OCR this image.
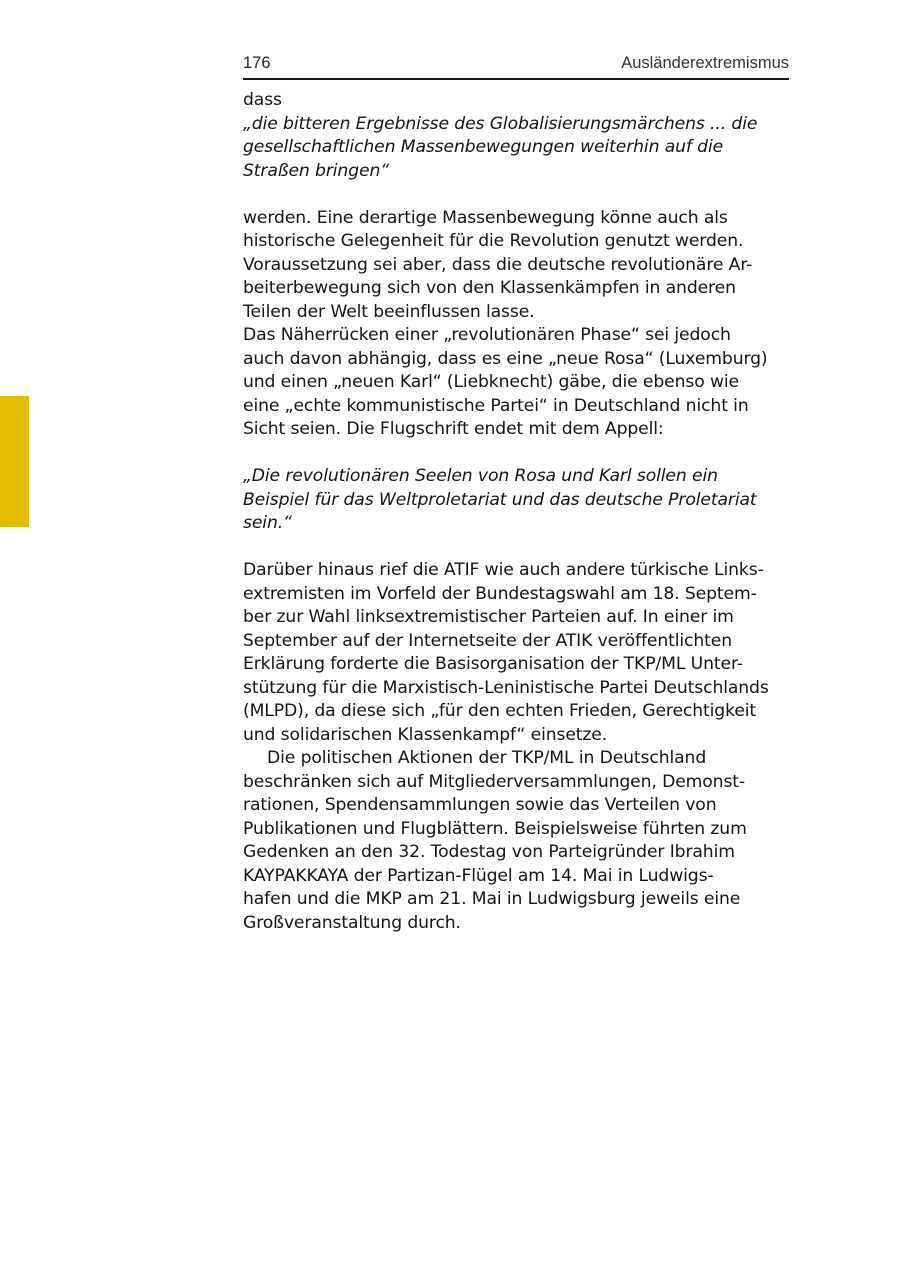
176	Ausländerextremismus
dass
„die bitteren Ergebnisse des Globalisierungsmärchens ... die
gesellschaftlichen Massenbewegungen weiterhin auf die
Straßen bringen“
werden. Eine derartige Massenbewegung könne auch als
historische Gelegenheit für die Revolution genutzt werden.
Voraussetzung sei aber, dass die deutsche revolutionäre Ar-
beiterbewegung sich von den Klassenkämpfen in anderen
Teilen der Welt beeinflussen lasse.
Das Näherrücken einer „revolutionären Phase“ sei jedoch
auch davon abhängig, dass es eine „neue Rosa“ (Luxemburg)
und einen „neuen Karl“ (Liebknecht) gäbe, die ebenso wie
eine „echte kommunistische Partei“ in Deutschland nicht in
Sicht seien. Die Flugschrift endet mit dem Appell:
„Die revolutionären Seelen von Rosa und Karl sollen ein
Beispiel für das Weltproletariat und das deutsche Proletariat
sein.“
Darüber hinaus rief die ATIF wie auch andere türkische Links-
extremisten im Vorfeld der Bundestagswahl am 18. Septem-
ber zur Wahl linksextremistischer Parteien auf. In einer im
September auf der Internetseite der ATIK veröffentlichten
Erklärung forderte die Basisorganisation der TKP/ML Unter-
stützung für die Marxistisch-Leninistische Partei Deutschlands
(MLPD), da diese sich „für den echten Frieden, Gerechtigkeit
und solidarischen Klassenkampf“ einsetze.
Die politischen Aktionen der TKP/ML in Deutschland
beschränken sich auf Mitgliederversammlungen, Demonst-
rationen, Spendensammlungen sowie das Verteilen von
Publikationen und Flugblättern. Beispielsweise führten zum
Gedenken an den 32. Todestag von Parteigründer Ibrahim
KAYPAKKAYA der Partizan-Flügel am 14. Mai in Ludwigs-
hafen und die MKP am 21. Mai in Ludwigsburg jeweils eine
Großveranstaltung durch.
